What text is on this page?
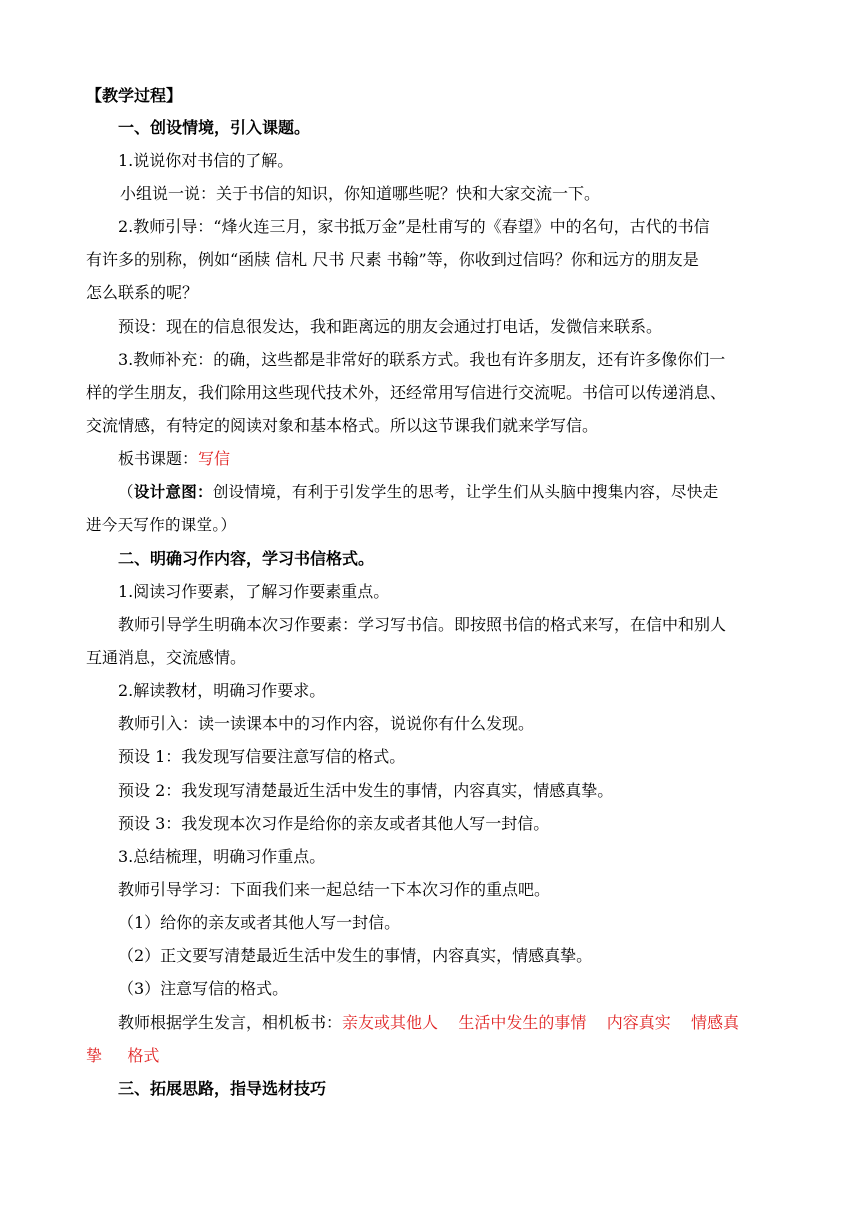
【教学过程】
一、创设情境，引入课题。
1.说说你对书信的了解。
小组说一说：关于书信的知识，你知道哪些呢？快和大家交流一下。
2.教师引导：“烽火连三月，家书抵万金”是杜甫写的《春望》中的名句，古代的书信
有许多的别称，例如“函牍 信札 尺书 尺素 书翰”等，你收到过信吗？你和远方的朋友是
怎么联系的呢？
预设：现在的信息很发达，我和距离远的朋友会通过打电话，发微信来联系。
3.教师补充：的确，这些都是非常好的联系方式。我也有许多朋友，还有许多像你们一
样的学生朋友，我们除用这些现代技术外，还经常用写信进行交流呢。书信可以传递消息、
交流情感，有特定的阅读对象和基本格式。所以这节课我们就来学写信。
板书课题：写信
（设计意图：创设情境，有利于引发学生的思考，让学生们从头脑中搜集内容，尽快走
进今天写作的课堂。）
二、明确习作内容，学习书信格式。
1.阅读习作要素，了解习作要素重点。
教师引导学生明确本次习作要素：学习写书信。即按照书信的格式来写，在信中和别人
互通消息，交流感情。
2.解读教材，明确习作要求。
教师引入：读一读课本中的习作内容，说说你有什么发现。
预设 1：我发现写信要注意写信的格式。
预设 2：我发现写清楚最近生活中发生的事情，内容真实，情感真挚。
预设 3：我发现本次习作是给你的亲友或者其他人写一封信。
3.总结梳理，明确习作重点。
教师引导学习：下面我们来一起总结一下本次习作的重点吧。
（1）给你的亲友或者其他人写一封信。
（2）正文要写清楚最近生活中发生的事情，内容真实，情感真挚。
（3）注意写信的格式。
教师根据学生发言，相机板书：亲友或其他人    生活中发生的事情    内容真实    情感真
挚     格式
三、拓展思路，指导选材技巧
